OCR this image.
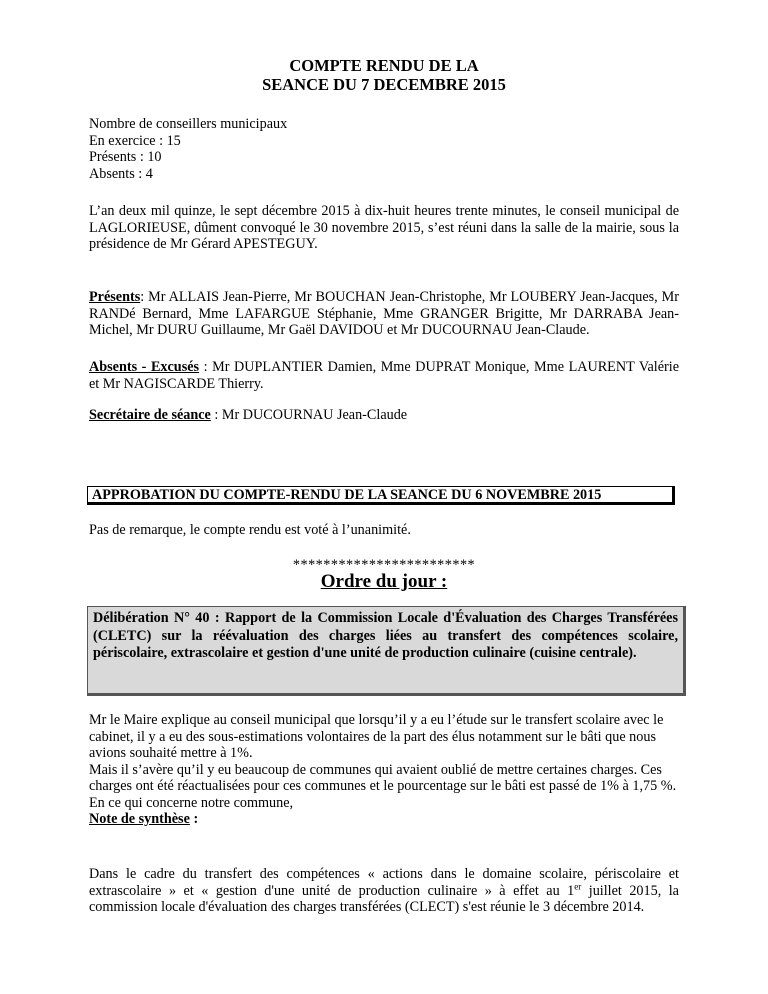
COMPTE RENDU DE LA
SEANCE DU 7 DECEMBRE 2015

Nombre de conseillers municipaux

En exercice : 15

Présents : 10

Absents : 4

L’an deux mil quinze, le sept décembre 2015 à dix-huit heures trente minutes, le conseil municipal de LAGLORIEUSE, dûment convoqué le 30 novembre 2015, s’est réuni dans la salle de la mairie, sous la présidence de Mr Gérard APESTEGUY.

Présents: Mr ALLAIS Jean-Pierre, Mr BOUCHAN Jean-Christophe, Mr LOUBERY Jean-Jacques, Mr RANDé Bernard, Mme LAFARGUE Stéphanie, Mme GRANGER Brigitte, Mr DARRABA Jean-Michel, Mr DURU Guillaume, Mr Gaël DAVIDOU et Mr DUCOURNAU Jean-Claude.

Absents - Excusés : Mr DUPLANTIER Damien, Mme DUPRAT Monique, Mme LAURENT Valérie et Mr NAGISCARDE Thierry.

Secrétaire de séance : Mr DUCOURNAU Jean-Claude

APPROBATION DU COMPTE-RENDU DE LA SEANCE DU 6 NOVEMBRE 2015

Pas de remarque, le compte rendu est voté à l’unanimité.

************************
Ordre du jour :
Délibération N° 40 : Rapport de la Commission Locale d'Évaluation des Charges Transférées (CLETC) sur la réévaluation des charges liées au transfert des compétences scolaire, périscolaire, extrascolaire et gestion d'une unité de production culinaire (cuisine centrale).

Mr le Maire explique au conseil municipal que lorsqu’il y a eu l’étude sur le transfert scolaire avec le cabinet, il y a eu des sous-estimations volontaires de la part des élus notamment sur le bâti que nous avions souhaité mettre à 1%.

Mais il s’avère qu’il y eu beaucoup de communes qui avaient oublié de mettre certaines charges. Ces charges ont été réactualisées pour ces communes et le pourcentage sur le bâti est passé de 1% à 1,75 %.

En ce qui concerne notre commune,

Note de synthèse :

Dans le cadre du transfert des compétences « actions dans le domaine scolaire, périscolaire et extrascolaire » et « gestion d'une unité de production culinaire » à effet au 1er juillet 2015, la commission locale d'évaluation des charges transférées (CLECT) s'est réunie le 3 décembre 2014.
